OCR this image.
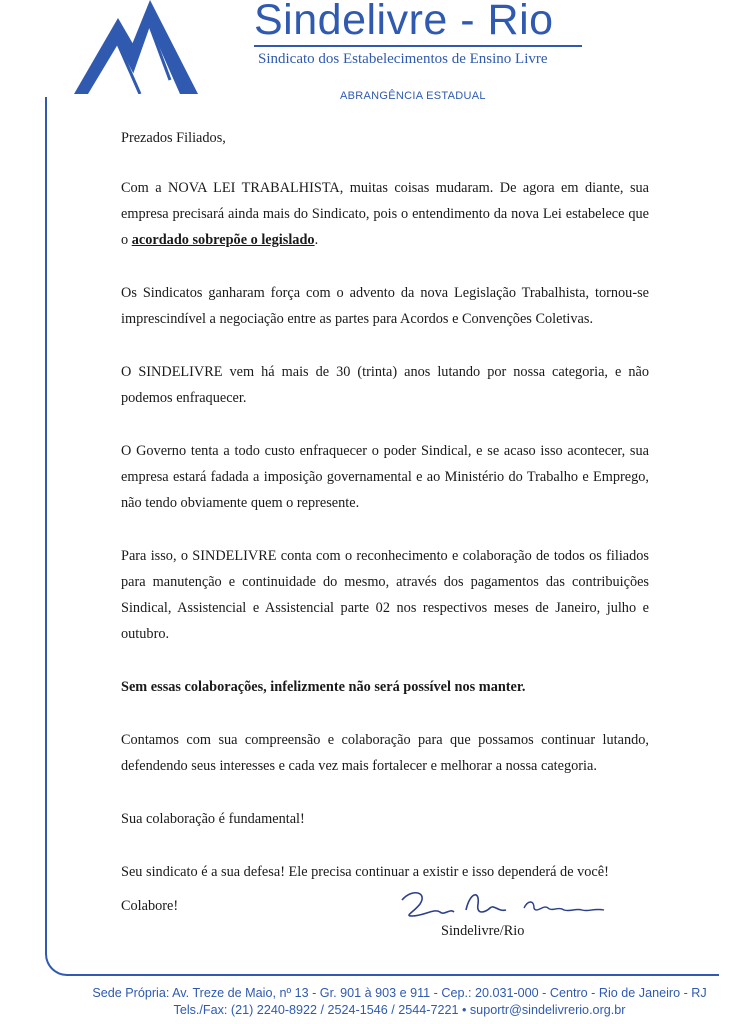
Sindelivre - Rio
Sindicato dos Estabelecimentos de Ensino Livre
ABRANGÊNCIA ESTADUAL

Prezados Filiados,

Com a NOVA LEI TRABALHISTA, muitas coisas mudaram. De agora em diante, sua empresa precisará ainda mais do Sindicato, pois o entendimento da nova Lei estabelece que o acordado sobrepõe o legislado.

Os Sindicatos ganharam força com o advento da nova Legislação Trabalhista, tornou-se imprescindível a negociação entre as partes para Acordos e Convenções Coletivas.

O SINDELIVRE vem há mais de 30 (trinta) anos lutando por nossa categoria, e não podemos enfraquecer.

O Governo tenta a todo custo enfraquecer o poder Sindical, e se acaso isso acontecer, sua empresa estará fadada a imposição governamental e ao Ministério do Trabalho e Emprego, não tendo obviamente quem o represente.

Para isso, o SINDELIVRE conta com o reconhecimento e colaboração de todos os filiados para manutenção e continuidade do mesmo, através dos pagamentos das contribuições Sindical, Assistencial e Assistencial parte 02 nos respectivos meses de Janeiro, julho e outubro.

Sem essas colaborações, infelizmente não será possível nos manter.

Contamos com sua compreensão e colaboração para que possamos continuar lutando, defendendo seus interesses e cada vez mais fortalecer e melhorar a nossa categoria.

Sua colaboração é fundamental!

Seu sindicato é a sua defesa! Ele precisa continuar a existir e isso dependerá de você!

Colabore!
Sindelivre/Rio
Sede Própria: Av. Treze de Maio, nº 13 - Gr. 901 à 903 e 911 - Cep.: 20.031-000 - Centro - Rio de Janeiro - RJ
Tels./Fax: (21) 2240-8922 / 2524-1546 / 2544-7221 • suportr@sindelivrerio.org.br
